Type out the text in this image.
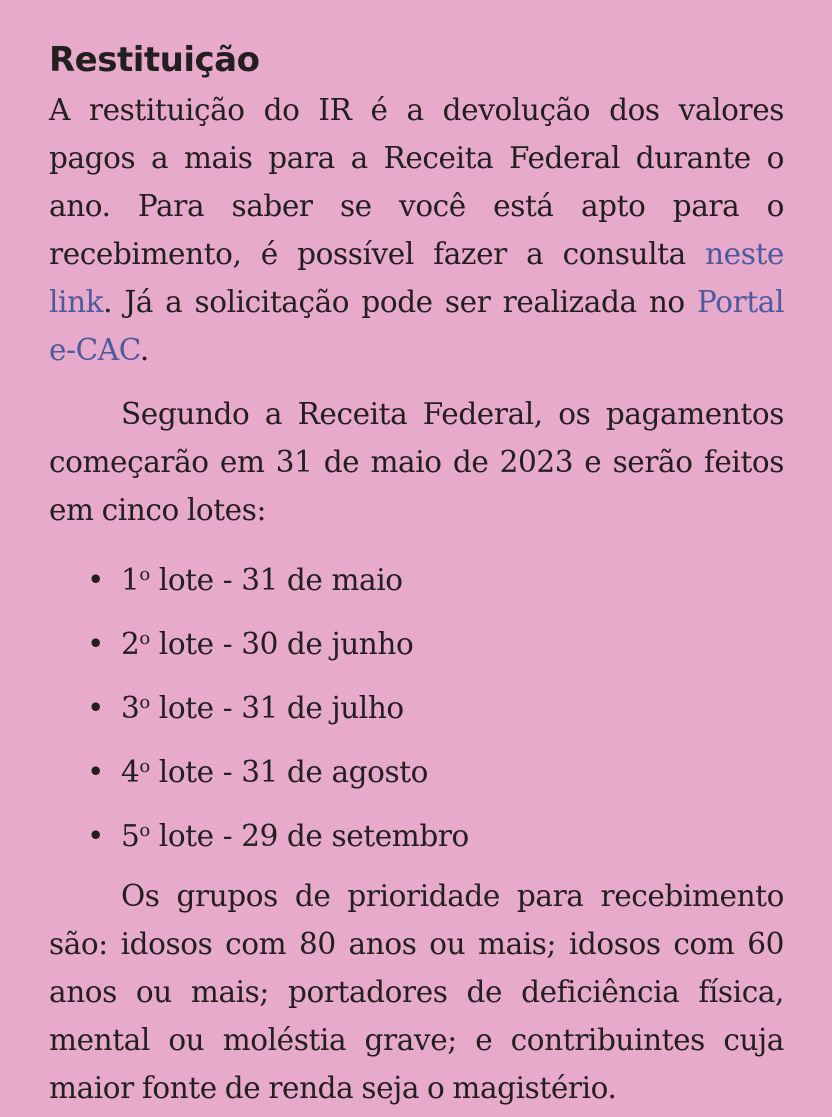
Restituição

A restituição do IR é a devolução dos valores pagos a mais para a Receita Federal durante o ano. Para saber se você está apto para o recebimento, é possível fazer a consulta neste link. Já a solicitação pode ser realizada no Portal e-CAC.

Segundo a Receita Federal, os pagamentos começarão em 31 de maio de 2023 e serão feitos em cinco lotes:

• 1$^o$ lote - 31 de maio
• 2$^o$ lote - 30 de junho
• 3$^o$ lote - 31 de julho
• 4$^o$ lote - 31 de agosto
• 5$^o$ lote - 29 de setembro

Os grupos de prioridade para recebimento são: idosos com 80 anos ou mais; idosos com 60 anos ou mais; portadores de deficiência física, mental ou moléstia grave; e contribuintes cuja maior fonte de renda seja o magistério.
